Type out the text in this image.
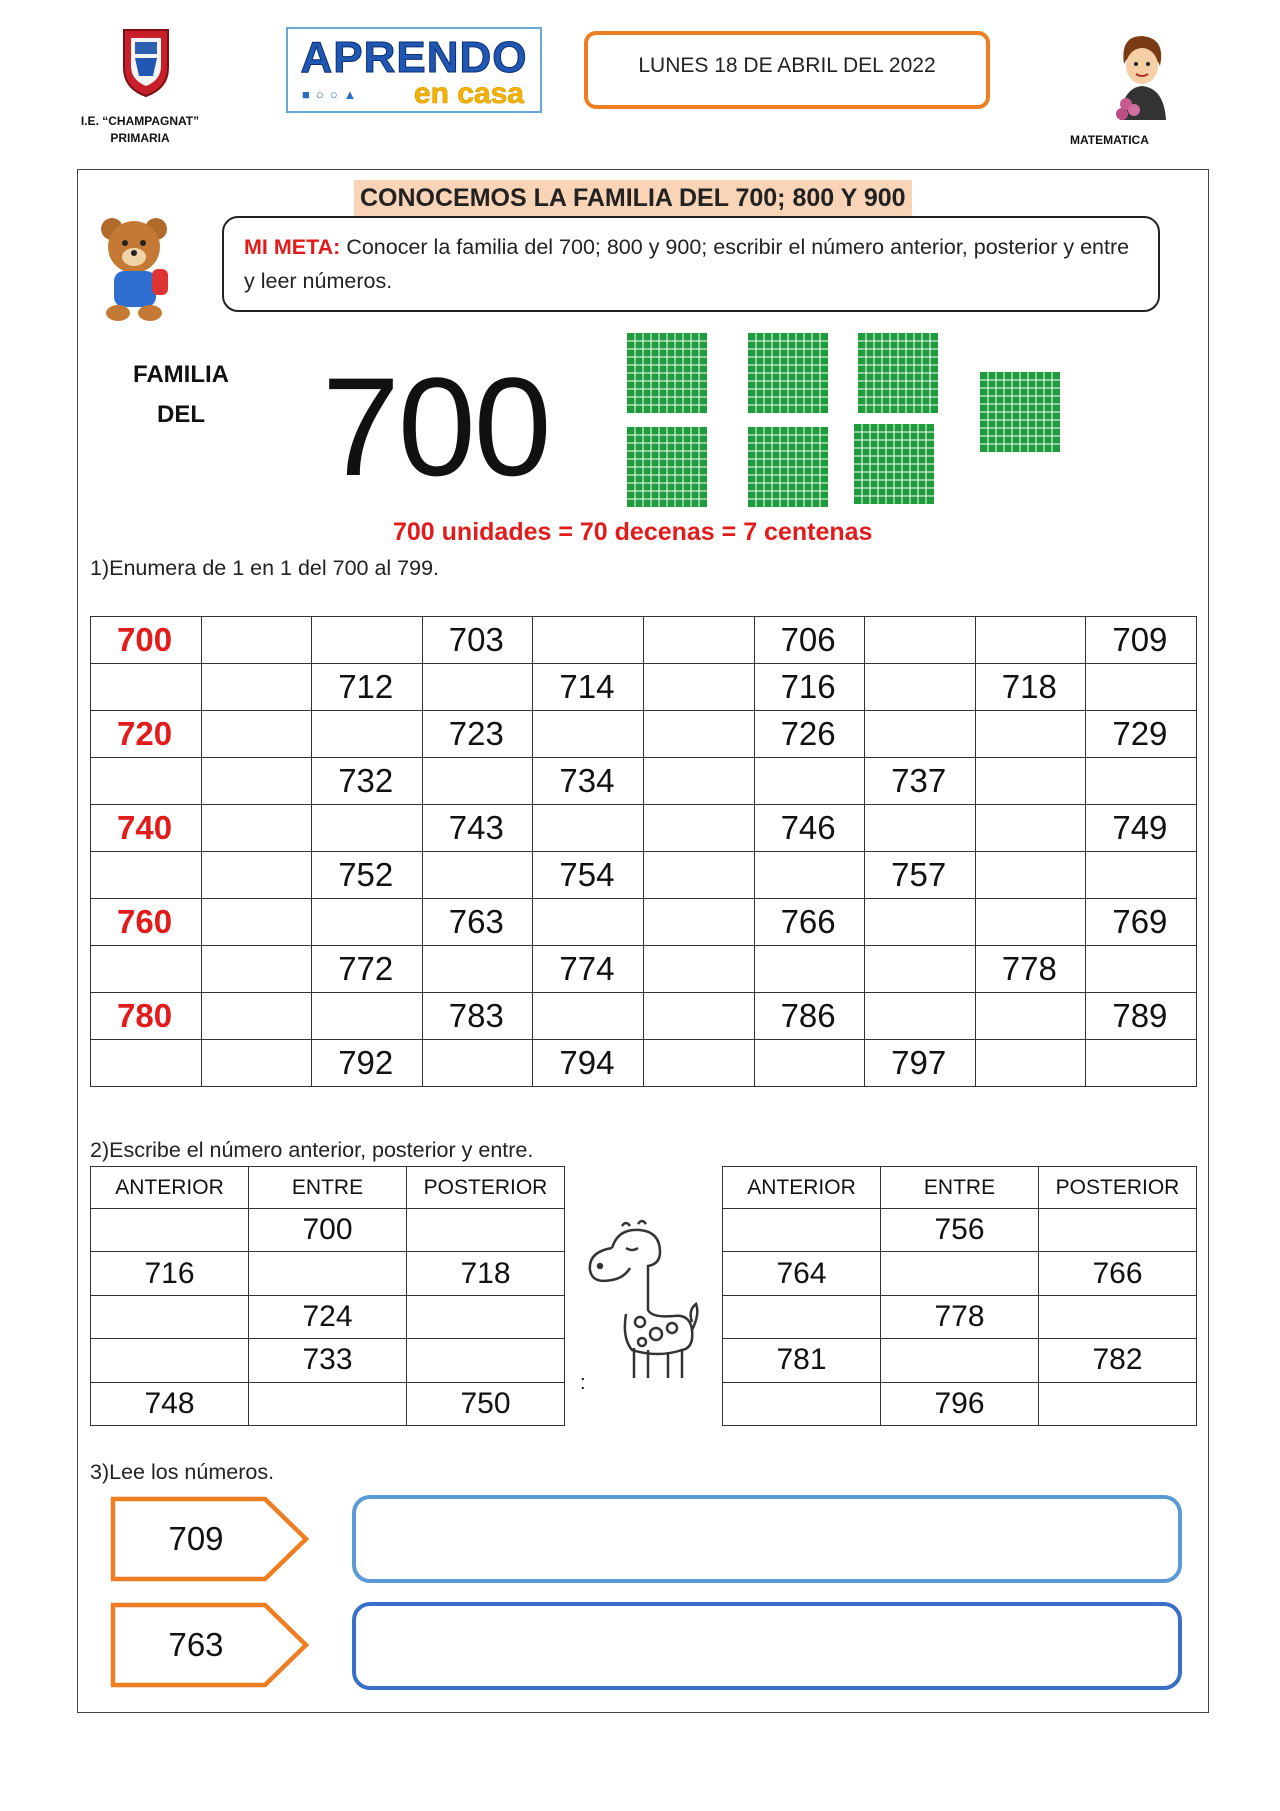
APRENDO
■○○▲ en casa
LUNES 18 DE ABRIL DEL 2022
I.E. “CHAMPAGNAT”
PRIMARIA	MATEMATICA
CONOCEMOS LA FAMILIA DEL 700; 800 Y 900
MI META: Conocer la familia del 700; 800 y 900; escribir el número anterior, posterior y entre y leer números.
FAMILIA
DEL 700
700 unidades = 70 decenas = 7 centenas
1)Enumera de 1 en 1 del 700 al 799.
700			703			706			709
		712		714		716		718	
720			723			726			729
		732		734			737		
740			743			746			749
		752		754			757		
760			763			766			769
		772		774				778	
780			783			786			789
		792		794			797		
2)Escribe el número anterior, posterior y entre.
ANTERIOR	ENTRE	POSTERIOR
	700	
716		718
	724	
	733	
748		750
ANTERIOR	ENTRE	POSTERIOR
	756	
764		766
	778	
781		782
	796	
:
3)Lee los números.
709
763
